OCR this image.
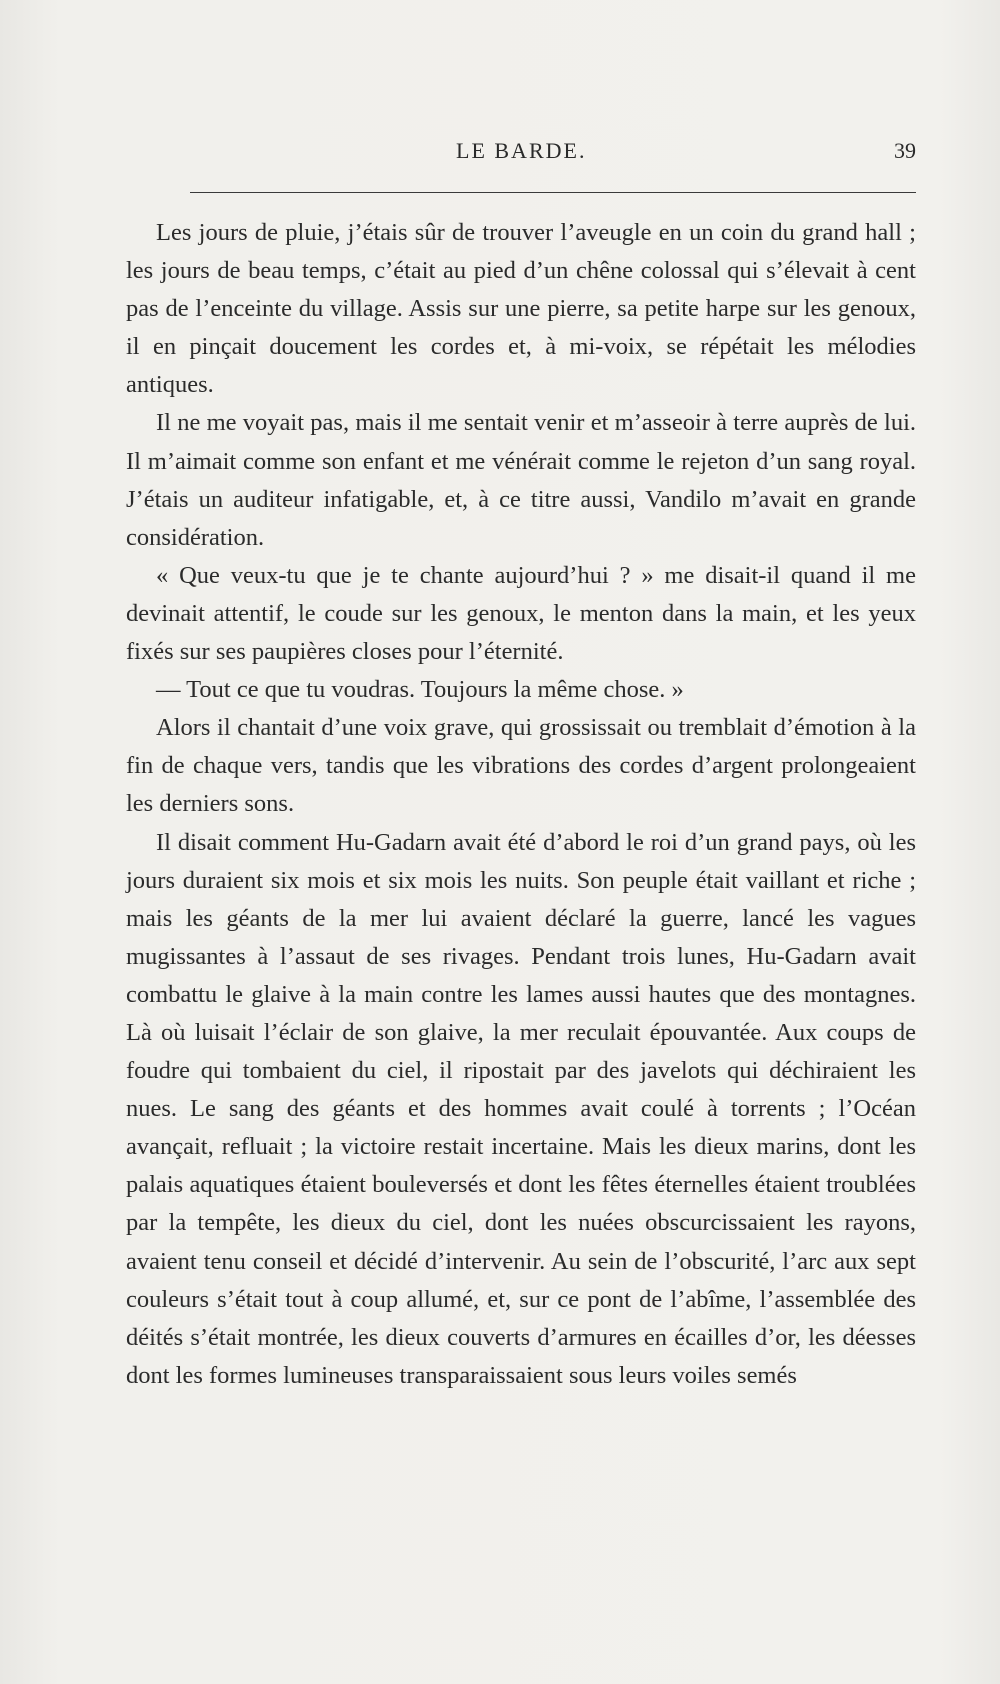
LE BARDE.	39

Les jours de pluie, j’étais sûr de trouver l’aveugle en un coin du grand hall ; les jours de beau temps, c’était au pied d’un chêne colossal qui s’élevait à cent pas de l’enceinte du village. Assis sur une pierre, sa petite harpe sur les genoux, il en pinçait doucement les cordes et, à mi-voix, se répétait les mélodies antiques.

Il ne me voyait pas, mais il me sentait venir et m’asseoir à terre auprès de lui. Il m’aimait comme son enfant et me vénérait comme le rejeton d’un sang royal. J’étais un auditeur infatigable, et, à ce titre aussi, Vandilo m’avait en grande considération.

« Que veux-tu que je te chante aujourd’hui ? » me disait-il quand il me devinait attentif, le coude sur les genoux, le menton dans la main, et les yeux fixés sur ses paupières closes pour l’éternité.

— Tout ce que tu voudras. Toujours la même chose. »

Alors il chantait d’une voix grave, qui grossissait ou tremblait d’émotion à la fin de chaque vers, tandis que les vibrations des cordes d’argent prolongeaient les derniers sons.

Il disait comment Hu-Gadarn avait été d’abord le roi d’un grand pays, où les jours duraient six mois et six mois les nuits. Son peuple était vaillant et riche ; mais les géants de la mer lui avaient déclaré la guerre, lancé les vagues mugissantes à l’assaut de ses rivages. Pendant trois lunes, Hu-Gadarn avait combattu le glaive à la main contre les lames aussi hautes que des montagnes. Là où luisait l’éclair de son glaive, la mer reculait épouvantée. Aux coups de foudre qui tombaient du ciel, il ripostait par des javelots qui déchiraient les nues. Le sang des géants et des hommes avait coulé à torrents ; l’Océan avançait, refluait ; la victoire restait incertaine. Mais les dieux marins, dont les palais aquatiques étaient bouleversés et dont les fêtes éternelles étaient troublées par la tempête, les dieux du ciel, dont les nuées obscurcissaient les rayons, avaient tenu conseil et décidé d’intervenir. Au sein de l’obscurité, l’arc aux sept couleurs s’était tout à coup allumé, et, sur ce pont de l’abîme, l’assemblée des déités s’était montrée, les dieux couverts d’armures en écailles d’or, les déesses dont les formes lumineuses transparaissaient sous leurs voiles semés
